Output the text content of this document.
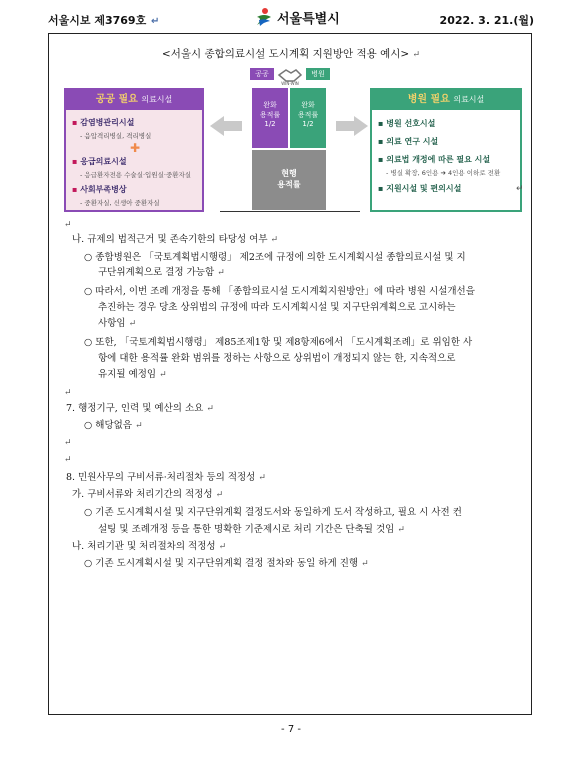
서울시보 제3769호 ↵	서울특별시	2022. 3. 21.(월)
<서울시 종합의료시설 도시계획 지원방안 적용 예시> ↵
공공
WIN-WIN
병원
공공 필요 의료시설
▪ 감염병관리시설
- 음압격리병실, 격리병실
✚
▪ 응급의료시설
- 응급환자전용 수술실·입원실·중환자실
▪ 사회부족병상
- 중환자실, 신생아 중환자실
완화
용적률
1/2
완화
용적률
1/2
현행
용적률
병원 필요 의료시설
▪ 병원 선호시설
▪ 의료 연구 시설
▪ 의료법 개정에 따른 필요 시설
- 병실 확장, 6인용 ➔ 4인용 이하로 전환
▪ 지원시설 및 편의시설	↵
↵
나. 규제의 법적근거 및 존속기한의 타당성 여부 ↵
○ 종합병원은 「국토계획법시행령」 제2조에 규정에 의한 도시계획시설 종합의료시설 및 지
구단위계획으로 결정 가능함 ↵
○ 따라서, 이번 조례 개정을 통해 「종합의료시설 도시계획지원방안」에 따라 병원 시설개선을
추진하는 경우 당초 상위법의 규정에 따라 도시계획시설 및 지구단위계획으로 고시하는
사항임 ↵
○ 또한, 「국토계획법시행령」 제85조제1항 및 제8항제6에서 「도시계획조례」로 위임한 사
항에 대한 용적률 완화 범위를 정하는 사항으로 상위법이 개정되지 않는 한, 지속적으로
유지될 예정임 ↵
↵
7. 행정기구, 인력 및 예산의 소요 ↵
○ 해당없음 ↵
↵
↵
8. 민원사무의 구비서류·처리절차 등의 적정성 ↵
가. 구비서류와 처리기간의 적정성 ↵
○ 기존 도시계획시설 및 지구단위계획 결정도서와 동일하게 도서 작성하고, 필요 시 사전 컨
설팅 및 조례개정 등을 통한 명확한 기준제시로 처리 기간은 단축될 것임 ↵
나. 처리기관 및 처리절차의 적정성 ↵
○ 기존 도시계획시설 및 지구단위계획 결정 절차와 동일 하게 진행 ↵
- 7 -
